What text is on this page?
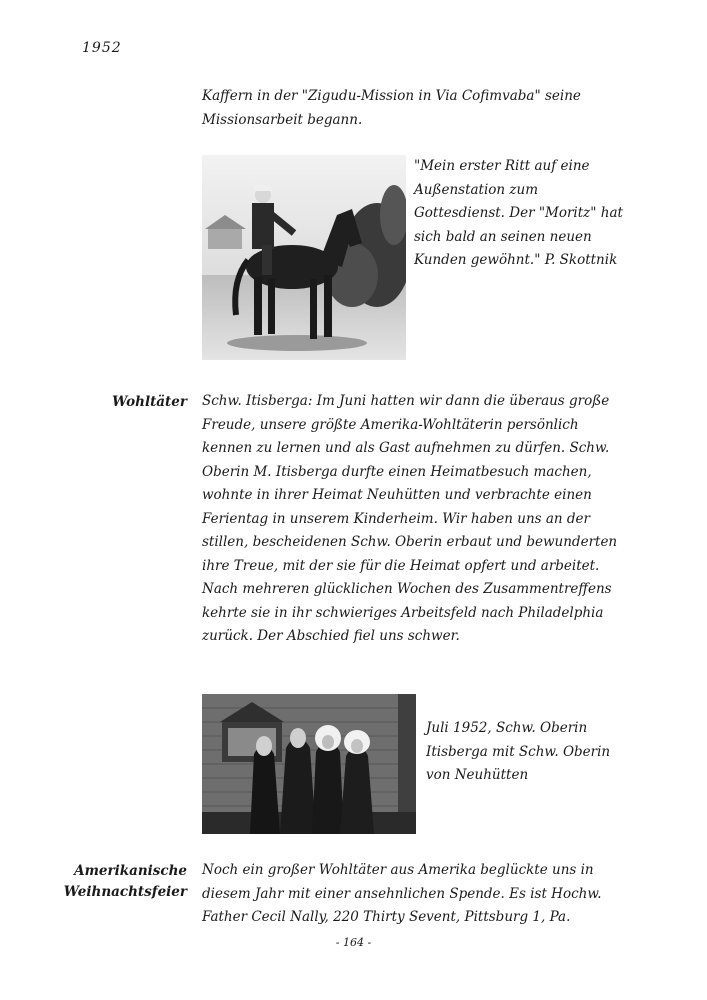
1952

Kaffern in der "Zigudu-Mission in Via Cofimvaba" seine Missionsarbeit begann.

"Mein erster Ritt auf eine Außenstation zum Gottesdienst. Der "Moritz" hat sich bald an seinen neuen Kunden gewöhnt." P. Skottnik

Wohltäter Schw. Itisberga: Im Juni hatten wir dann die überaus große Freude, unsere größte Amerika-Wohltäterin persönlich kennen zu lernen und als Gast aufnehmen zu dürfen. Schw. Oberin M. Itisberga durfte einen Heimatbesuch machen, wohnte in ihrer Heimat Neuhütten und verbrachte einen Ferientag in unserem Kinderheim. Wir haben uns an der stillen, bescheidenen Schw. Oberin erbaut und bewunderten ihre Treue, mit der sie für die Heimat opfert und arbeitet. Nach mehreren glücklichen Wochen des Zusammentreffens kehrte sie in ihr schwieriges Arbeitsfeld nach Philadelphia zurück. Der Abschied fiel uns schwer.

Juli 1952, Schw. Oberin Itisberga mit Schw. Oberin von Neuhütten

Amerikanische
Weihnachtsfeier

Noch ein großer Wohltäter aus Amerika beglückte uns in diesem Jahr mit einer ansehnlichen Spende. Es ist Hochw. Father Cecil Nally, 220 Thirty Sevent, Pittsburg 1, Pa.

- 164 -
